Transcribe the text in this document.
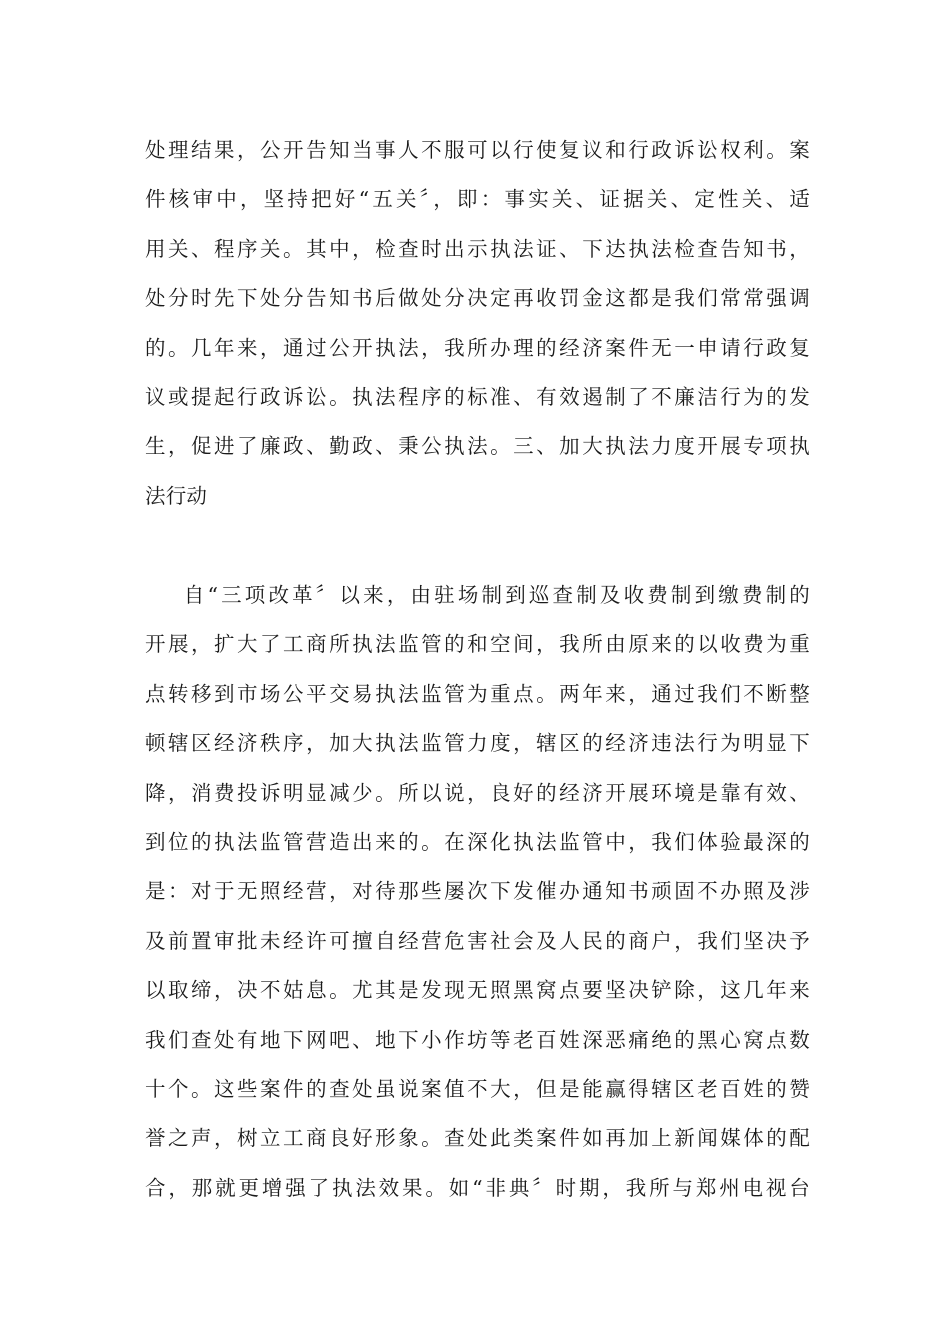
处理结果，公开告知当事人不服可以行使复议和行政诉讼权利。案
件核审中，坚持把好“五关〞，即：事实关、证据关、定性关、适
用关、程序关。其中，检查时出示执法证、下达执法检查告知书，
处分时先下处分告知书后做处分决定再收罚金这都是我们常常强调
的。几年来，通过公开执法，我所办理的经济案件无一申请行政复
议或提起行政诉讼。执法程序的标准、有效遏制了不廉洁行为的发
生，促进了廉政、勤政、秉公执法。三、加大执法力度开展专项执
法行动
自“三项改革〞以来，由驻场制到巡查制及收费制到缴费制的
开展，扩大了工商所执法监管的和空间，我所由原来的以收费为重
点转移到市场公平交易执法监管为重点。两年来，通过我们不断整
顿辖区经济秩序，加大执法监管力度，辖区的经济违法行为明显下
降，消费投诉明显减少。所以说，良好的经济开展环境是靠有效、
到位的执法监管营造出来的。在深化执法监管中，我们体验最深的
是：对于无照经营，对待那些屡次下发催办通知书顽固不办照及涉
及前置审批未经许可擅自经营危害社会及人民的商户，我们坚决予
以取缔，决不姑息。尤其是发现无照黑窝点要坚决铲除，这几年来
我们查处有地下网吧、地下小作坊等老百姓深恶痛绝的黑心窝点数
十个。这些案件的查处虽说案值不大，但是能赢得辖区老百姓的赞
誉之声，树立工商良好形象。查处此类案件如再加上新闻媒体的配
合，那就更增强了执法效果。如“非典〞时期，我所与郑州电视台
